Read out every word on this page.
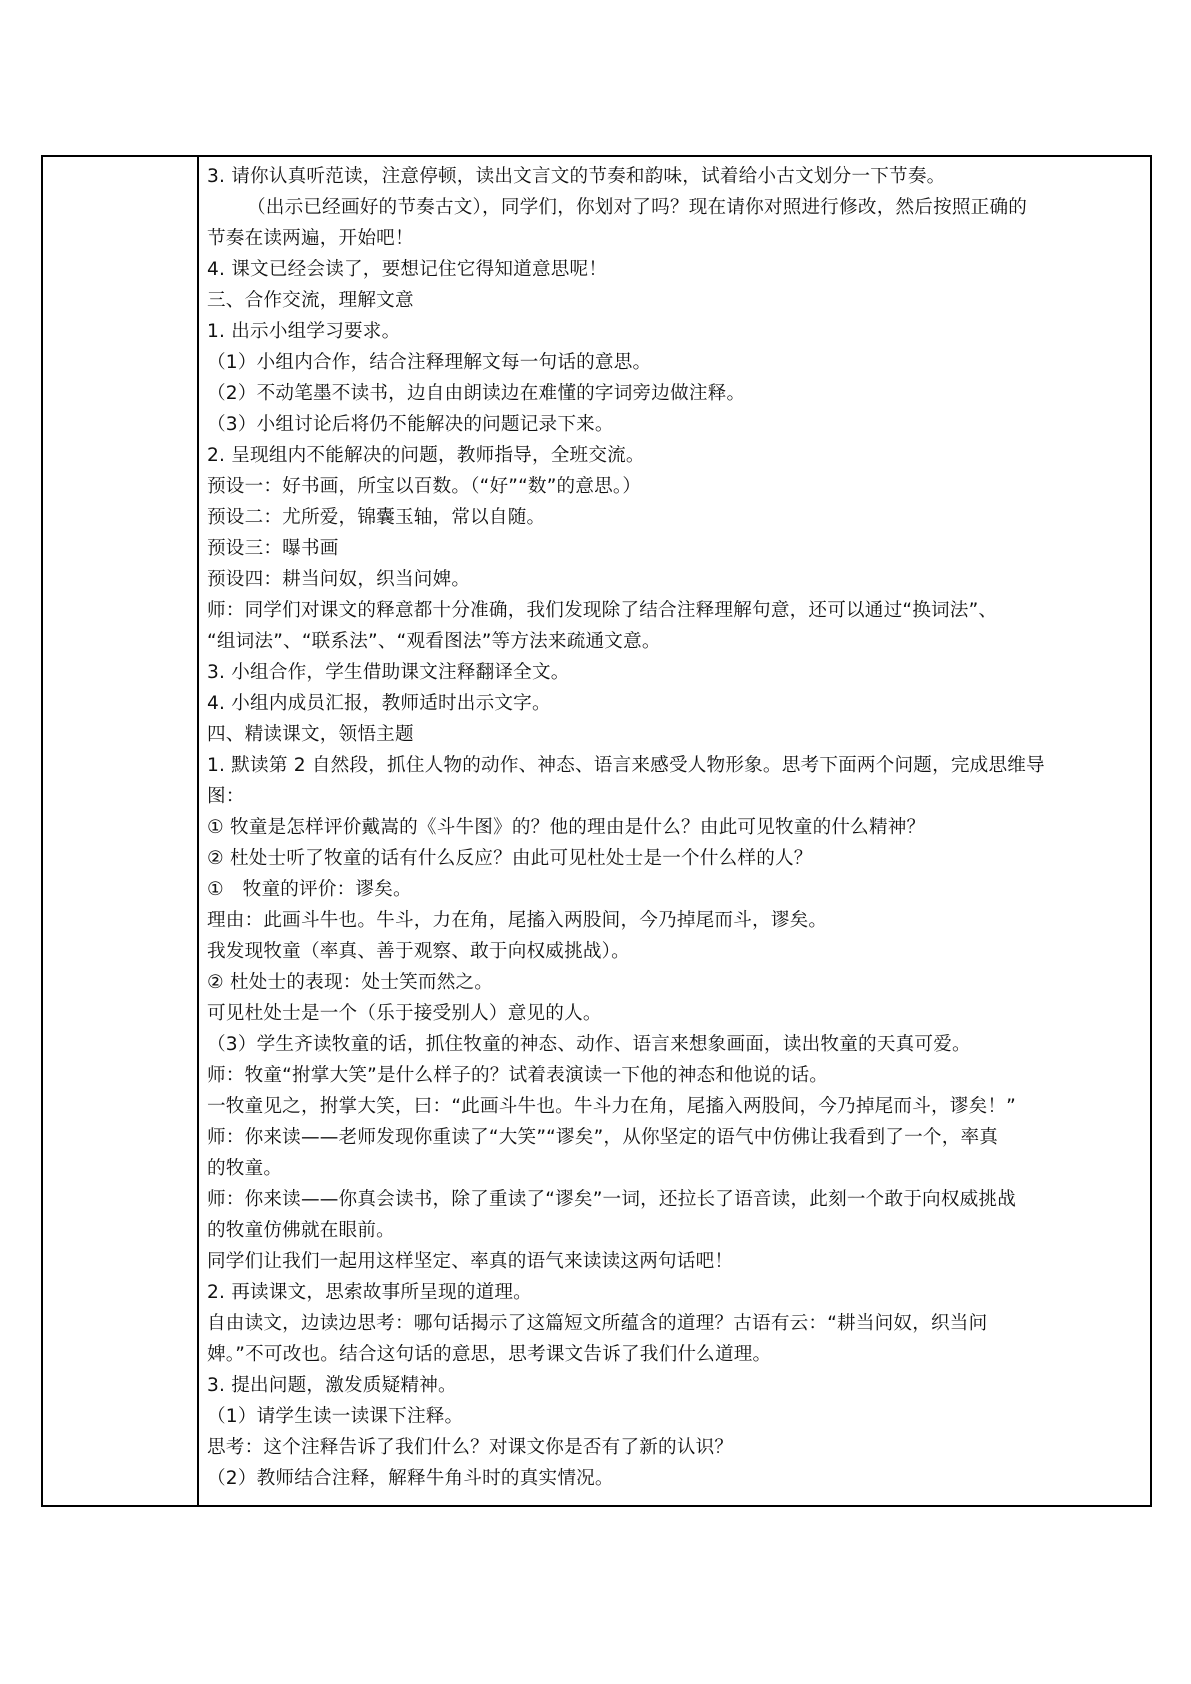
3. 请你认真听范读，注意停顿，读出文言文的节奏和韵味，试着给小古文划分一下节奏。
（出示已经画好的节奏古文），同学们，你划对了吗？现在请你对照进行修改，然后按照正确的
节奏在读两遍，开始吧！
4. 课文已经会读了，要想记住它得知道意思呢！
三、合作交流，理解文意
1. 出示小组学习要求。
（1）小组内合作，结合注释理解文每一句话的意思。
（2）不动笔墨不读书，边自由朗读边在难懂的字词旁边做注释。
（3）小组讨论后将仍不能解决的问题记录下来。
2. 呈现组内不能解决的问题，教师指导，全班交流。
预设一：好书画，所宝以百数。（“好”“数”的意思。）
预设二：尤所爱，锦囊玉轴，常以自随。
预设三：曝书画
预设四：耕当问奴，织当问婢。
师：同学们对课文的释意都十分准确，我们发现除了结合注释理解句意，还可以通过“换词法”、
“组词法”、“联系法”、“观看图法”等方法来疏通文意。
3. 小组合作，学生借助课文注释翻译全文。
4. 小组内成员汇报，教师适时出示文字。
四、精读课文，领悟主题
1. 默读第 2 自然段，抓住人物的动作、神态、语言来感受人物形象。思考下面两个问题，完成思维导
图：
① 牧童是怎样评价戴嵩的《斗牛图》的？他的理由是什么？由此可见牧童的什么精神？
② 杜处士听了牧童的话有什么反应？由此可见杜处士是一个什么样的人？
①　牧童的评价：谬矣。
理由：此画斗牛也。牛斗，力在角，尾搐入两股间，今乃掉尾而斗，谬矣。
我发现牧童（率真、善于观察、敢于向权威挑战）。
② 杜处士的表现：处士笑而然之。
可见杜处士是一个（乐于接受别人）意见的人。
（3）学生齐读牧童的话，抓住牧童的神态、动作、语言来想象画面，读出牧童的天真可爱。
师：牧童“拊掌大笑”是什么样子的？试着表演读一下他的神态和他说的话。
一牧童见之，拊掌大笑，曰：“此画斗牛也。牛斗力在角，尾搐入两股间，今乃掉尾而斗，谬矣！”
师：你来读——老师发现你重读了“大笑”“谬矣”，从你坚定的语气中仿佛让我看到了一个，率真
的牧童。
师：你来读——你真会读书，除了重读了“谬矣”一词，还拉长了语音读，此刻一个敢于向权威挑战
的牧童仿佛就在眼前。
同学们让我们一起用这样坚定、率真的语气来读读这两句话吧！
2. 再读课文，思索故事所呈现的道理。
自由读文，边读边思考：哪句话揭示了这篇短文所蕴含的道理？古语有云：“耕当问奴，织当问
婢。”不可改也。结合这句话的意思，思考课文告诉了我们什么道理。
3. 提出问题，激发质疑精神。
（1）请学生读一读课下注释。
思考：这个注释告诉了我们什么？对课文你是否有了新的认识？
（2）教师结合注释，解释牛角斗时的真实情况。
